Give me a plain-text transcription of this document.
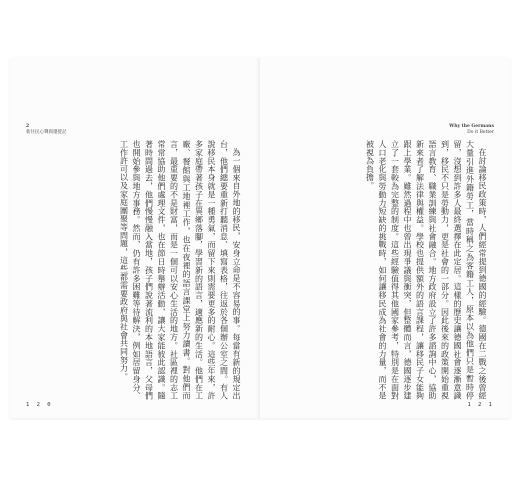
2
新住民心聲與遷徙記

為一個來自外地的移民，安身立命是不容易的事。每當有新的規定出台，他們總要重新打聽消息、填寫表格，往返於各個辦公室之間。有人說移民本身就是一種勇氣，而留下來則需要更多的耐心。這些年來，許多家庭帶著孩子在異鄉落腳，學習新的語言，適應新的生活。他們在工廠、餐館與工地裡工作，也在夜裡的語言課堂上努力讀書。對他們而言，最重要的不是財富，而是一個可以安心生活的地方。社區裡的志工常常協助他們處理文件，也在節日時舉辦活動，讓大家能彼此認識。隨著時間過去，他們慢慢融入當地，孩子們說著流利的本地語言，父母們也開始參與地方事務。然而，仍有許多困難等待解決，例如居留身分、工作許可以及家庭團聚等問題，這些都需要政府與社會共同努力。

1 2 0
Why the Germans
Do it Better

在討論移民政策時，人們經常提到德國的經驗。德國在二戰之後曾經大量引進外籍勞工，當時稱之為客籍工人，原本以為他們只是暫時停留，沒想到許多人最終選擇在此定居。這樣的歷史讓德國社會逐漸意識到，移民不只是勞動力，更是社會的一部分。因此後來的政策開始重視語言教育、職業訓練與社會融合。地方政府設立了許多諮詢中心，協助新來者了解法律與權益。學校也提供額外的語言課程，讓移民子女能夠跟上學業。雖然過程中也曾出現爭議與衝突，但整體而言，德國逐步建立了一套較為完整的制度。這些經驗值得其他國家參考，特別是在面對人口老化與勞動力短缺的挑戰時，如何讓移民成為社會的力量，而不是被視為負擔。

1 2 1
